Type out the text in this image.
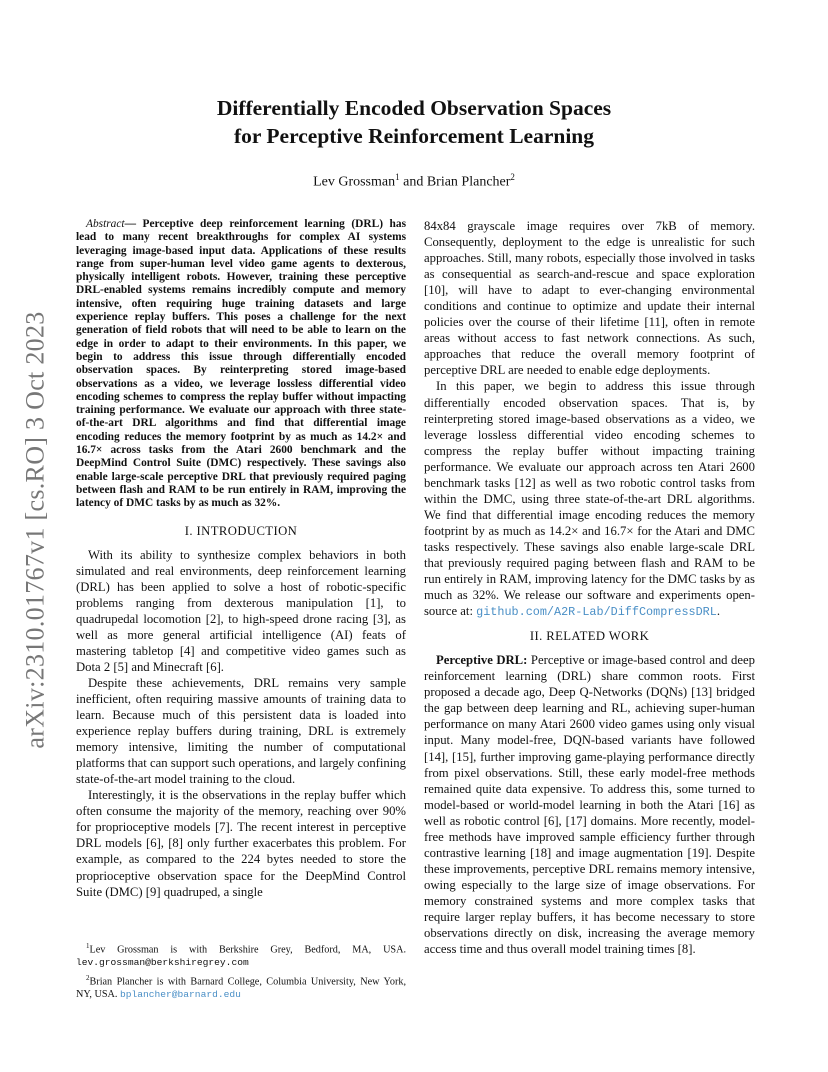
arXiv:2310.01767v1 [cs.RO] 3 Oct 2023
Differentially Encoded Observation Spaces
for Perceptive Reinforcement Learning
Lev Grossman$^1$ and Brian Plancher$^2$

Abstract— Perceptive deep reinforcement learning (DRL) has lead to many recent breakthroughs for complex AI systems leveraging image-based input data. Applications of these results range from super-human level video game agents to dexterous, physically intelligent robots. However, training these perceptive DRL-enabled systems remains incredibly compute and memory intensive, often requiring huge training datasets and large experience replay buffers. This poses a challenge for the next generation of field robots that will need to be able to learn on the edge in order to adapt to their environments. In this paper, we begin to address this issue through differentially encoded observation spaces. By reinterpreting stored image-based observations as a video, we leverage lossless differential video encoding schemes to compress the replay buffer without impacting training performance. We evaluate our approach with three state-of-the-art DRL algorithms and find that differential image encoding reduces the memory footprint by as much as 14.2× and 16.7× across tasks from the Atari 2600 benchmark and the DeepMind Control Suite (DMC) respectively. These savings also enable large-scale perceptive DRL that previously required paging between flash and RAM to be run entirely in RAM, improving the latency of DMC tasks by as much as 32%.

I. INTRODUCTION

With its ability to synthesize complex behaviors in both simulated and real environments, deep reinforcement learning (DRL) has been applied to solve a host of robotic-specific problems ranging from dexterous manipulation [1], to quadrupedal locomotion [2], to high-speed drone racing [3], as well as more general artificial intelligence (AI) feats of mastering tabletop [4] and competitive video games such as Dota 2 [5] and Minecraft [6].

Despite these achievements, DRL remains very sample inefficient, often requiring massive amounts of training data to learn. Because much of this persistent data is loaded into experience replay buffers during training, DRL is extremely memory intensive, limiting the number of computational platforms that can support such operations, and largely confining state-of-the-art model training to the cloud.

Interestingly, it is the observations in the replay buffer which often consume the majority of the memory, reaching over 90% for proprioceptive models [7]. The recent interest in perceptive DRL models [6], [8] only further exacerbates this problem. For example, as compared to the 224 bytes needed to store the proprioceptive observation space for the DeepMind Control Suite (DMC) [9] quadruped, a single

84x84 grayscale image requires over 7kB of memory. Consequently, deployment to the edge is unrealistic for such approaches. Still, many robots, especially those involved in tasks as consequential as search-and-rescue and space exploration [10], will have to adapt to ever-changing environmental conditions and continue to optimize and update their internal policies over the course of their lifetime [11], often in remote areas without access to fast network connections. As such, approaches that reduce the overall memory footprint of perceptive DRL are needed to enable edge deployments.

In this paper, we begin to address this issue through differentially encoded observation spaces. That is, by reinterpreting stored image-based observations as a video, we leverage lossless differential video encoding schemes to compress the replay buffer without impacting training performance. We evaluate our approach across ten Atari 2600 benchmark tasks [12] as well as two robotic control tasks from within the DMC, using three state-of-the-art DRL algorithms. We find that differential image encoding reduces the memory footprint by as much as 14.2× and 16.7× for the Atari and DMC tasks respectively. These savings also enable large-scale DRL that previously required paging between flash and RAM to be run entirely in RAM, improving latency for the DMC tasks by as much as 32%. We release our software and experiments open-source at: github.com/A2R-Lab/DiffCompressDRL.

II. RELATED WORK

Perceptive DRL: Perceptive or image-based control and deep reinforcement learning (DRL) share common roots. First proposed a decade ago, Deep Q-Networks (DQNs) [13] bridged the gap between deep learning and RL, achieving super-human performance on many Atari 2600 video games using only visual input. Many model-free, DQN-based variants have followed [14], [15], further improving game-playing performance directly from pixel observations. Still, these early model-free methods remained quite data expensive. To address this, some turned to model-based or world-model learning in both the Atari [16] as well as robotic control [6], [17] domains. More recently, model-free methods have improved sample efficiency further through contrastive learning [18] and image augmentation [19]. Despite these improvements, perceptive DRL remains memory intensive, owing especially to the large size of image observations. For memory constrained systems and more complex tasks that require larger replay buffers, it has become necessary to store observations directly on disk, increasing the average memory access time and thus overall model training times [8].

$^1$Lev Grossman is with Berkshire Grey, Bedford, MA, USA. lev.grossman@berkshiregrey.com

$^2$Brian Plancher is with Barnard College, Columbia University, New York, NY, USA. bplancher@barnard.edu
